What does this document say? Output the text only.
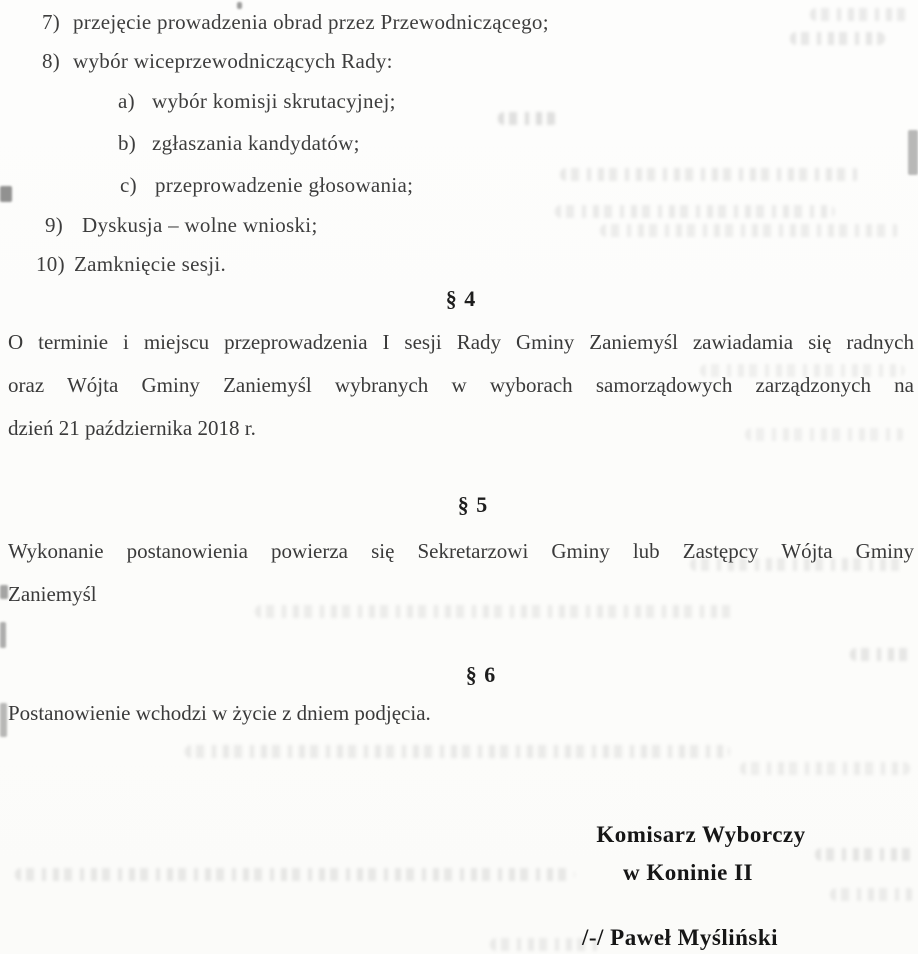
7) przejęcie prowadzenia obrad przez Przewodniczącego;
8) wybór wiceprzewodniczących Rady:
a) wybór komisji skrutacyjnej;
b) zgłaszania kandydatów;
c) przeprowadzenie głosowania;
9) Dyskusja – wolne wnioski;
10) Zamknięcie sesji.
§ 4
O terminie i miejscu przeprowadzenia I sesji Rady Gminy Zaniemyśl zawiadamia się radnych
oraz Wójta Gminy Zaniemyśl wybranych w wyborach samorządowych zarządzonych na
dzień 21 października 2018 r.
§ 5
Wykonanie postanowienia powierza się Sekretarzowi Gminy lub Zastępcy Wójta Gminy
Zaniemyśl
§ 6
Postanowienie wchodzi w życie z dniem podjęcia.
Komisarz Wyborczy
w Koninie II
/-/ Paweł Myśliński
